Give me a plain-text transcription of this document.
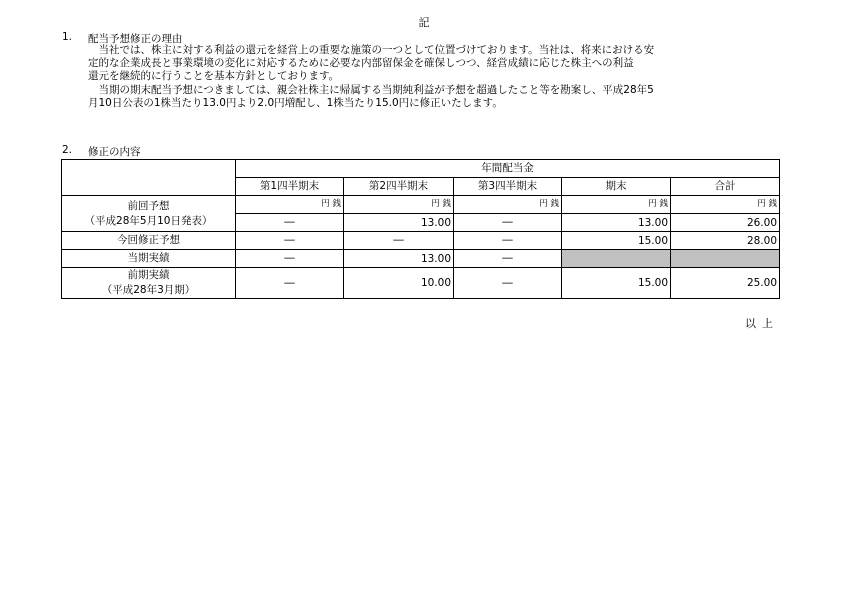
記
1. 配当予想修正の理由
　当社では、株主に対する利益の還元を経営上の重要な施策の一つとして位置づけております。当社は、将来における安
定的な企業成長と事業環境の変化に対応するために必要な内部留保金を確保しつつ、経営成績に応じた株主への利益
還元を継続的に行うことを基本方針としております。
　当期の期末配当予想につきましては、親会社株主に帰属する当期純利益が予想を超過したこと等を勘案し、平成28年5
月10日公表の1株当たり13.0円より2.0円増配し、1株当たり15.0円に修正いたします。
2. 修正の内容
	年間配当金				
	第1四半期末	第2四半期末	第3四半期末	期末	合計

前回予想
（平成28年5月10日発表）	円 銭	円 銭	円 銭	円 銭	円 銭
	―	13.00	―	13.00	26.00
今回修正予想	―	―	―	15.00	28.00
当期実績	―	13.00	―		

前期実績
（平成28年3月期）	―	10.00	―	15.00	25.00
以上
